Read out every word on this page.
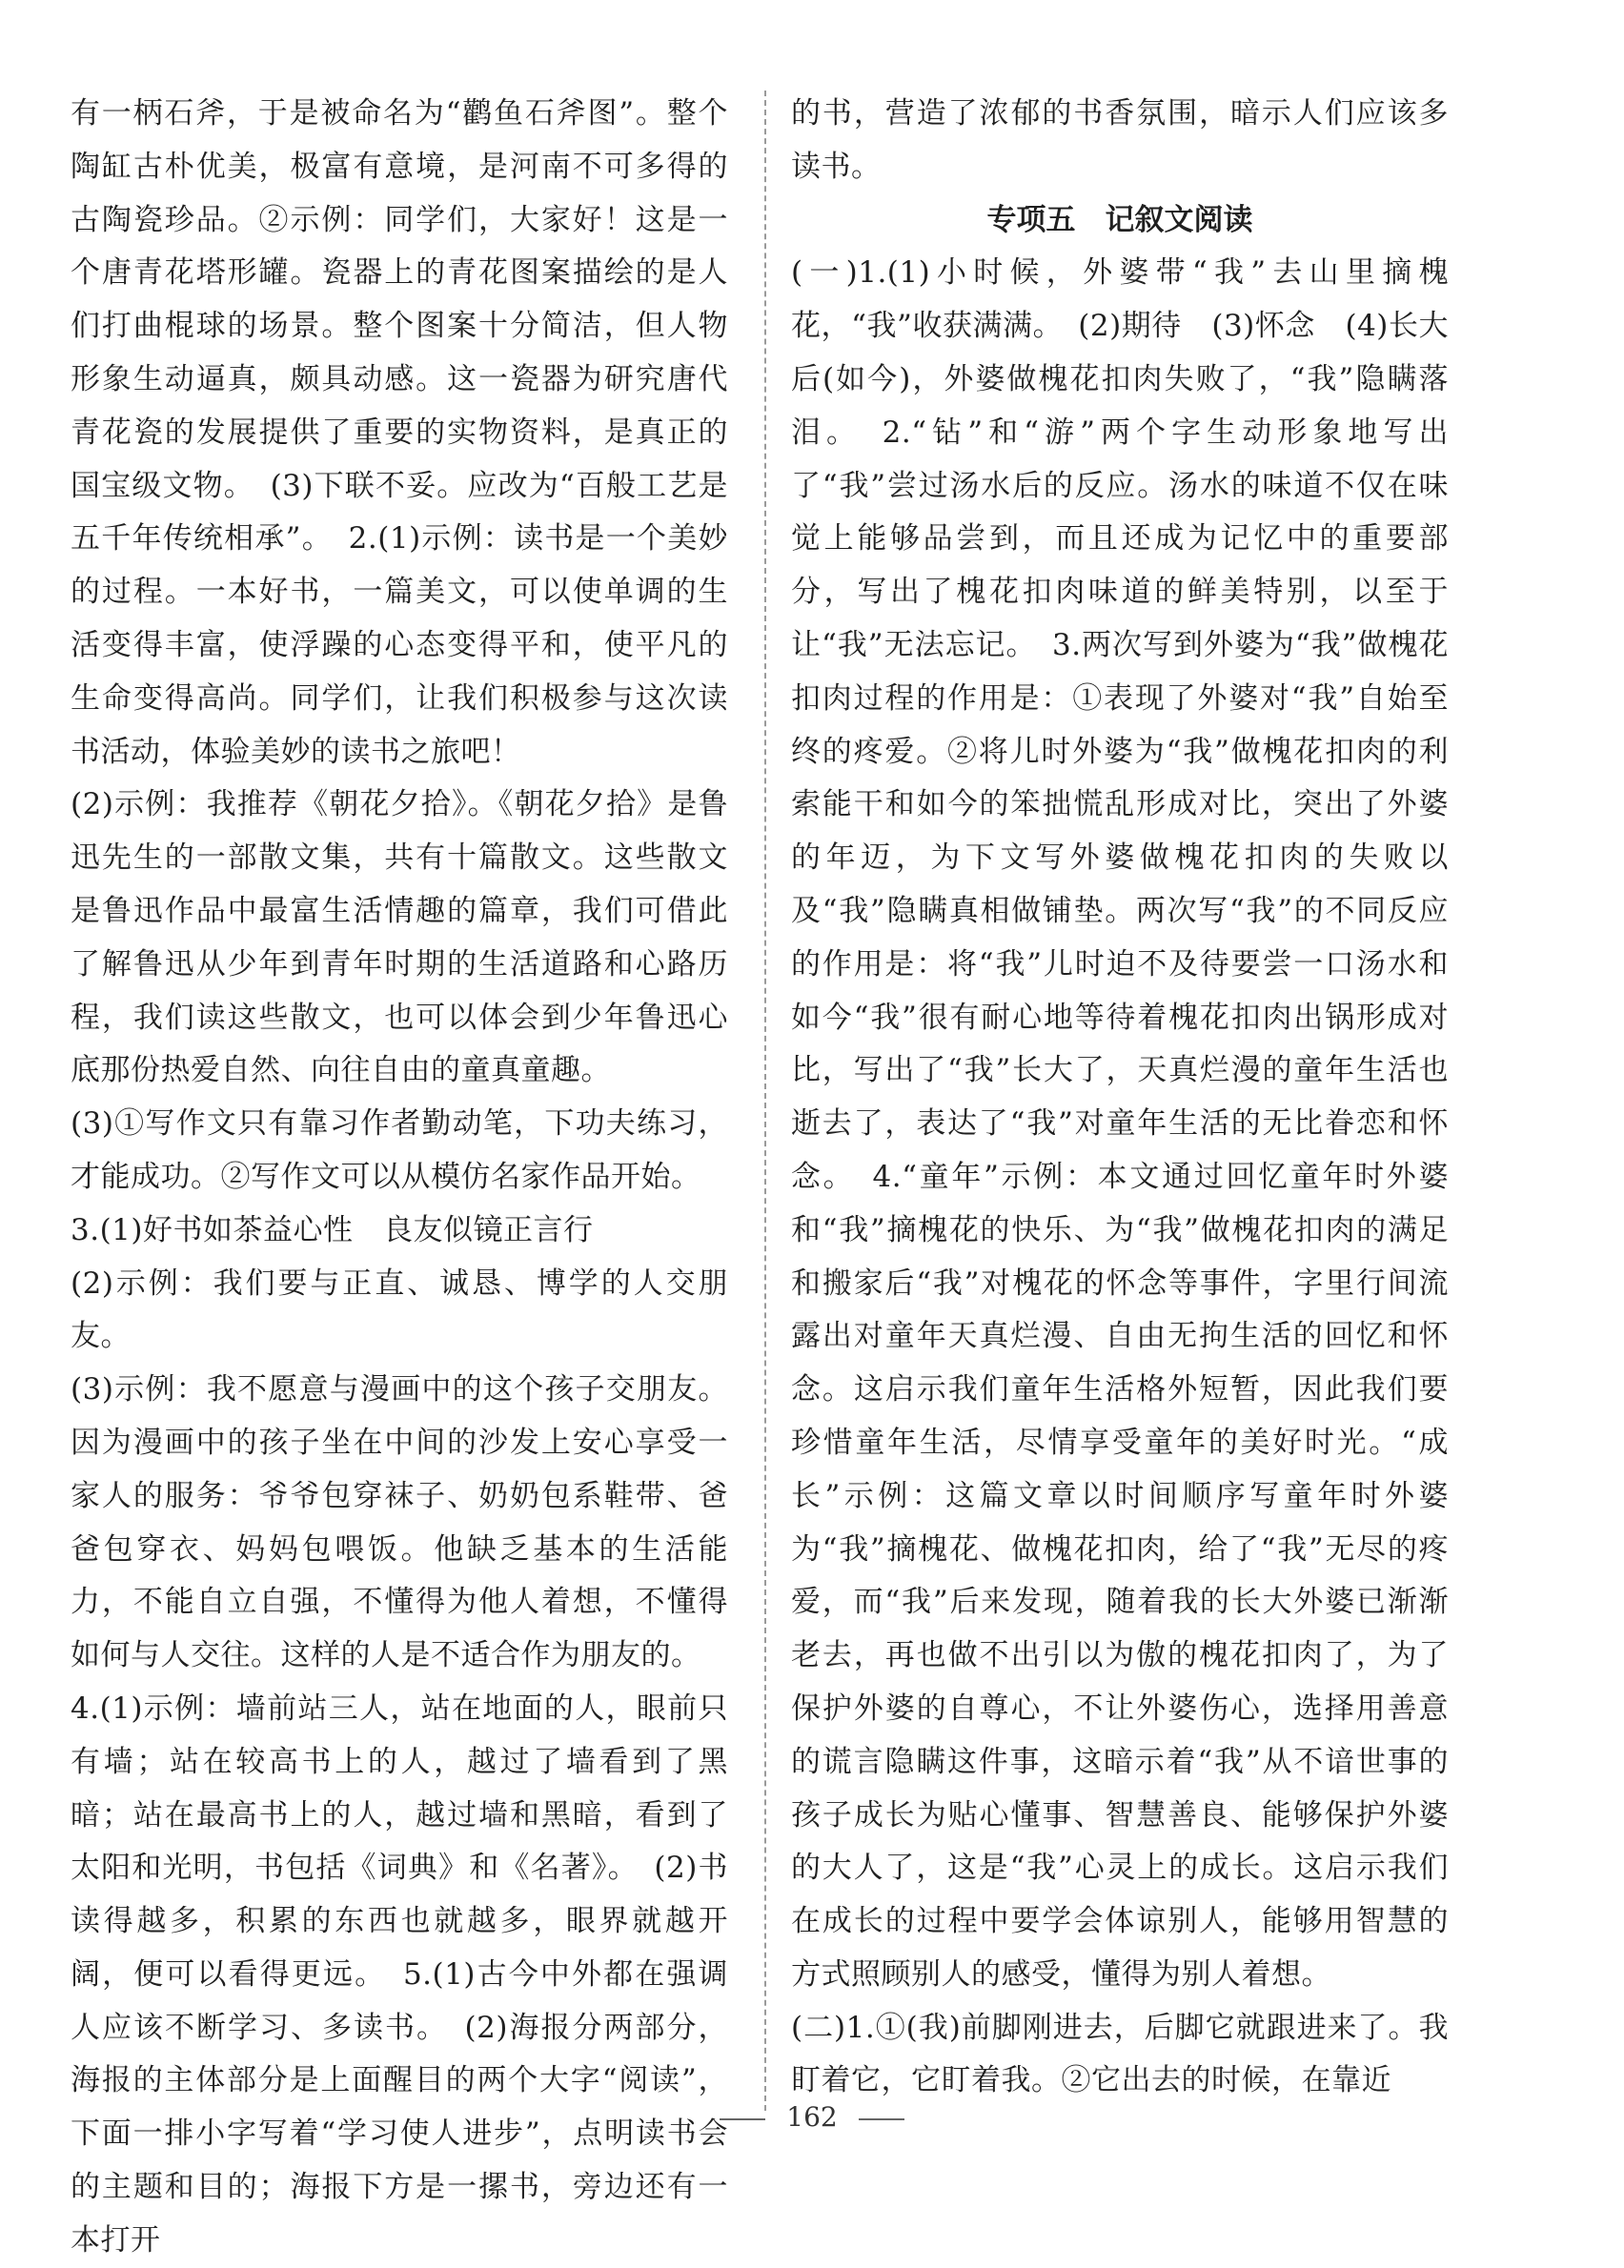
有一柄石斧，于是被命名为“鹳鱼石斧图”。整个陶缸古朴优美，极富有意境，是河南不可多得的古陶瓷珍品。②示例：同学们，大家好！这是一个唐青花塔形罐。瓷器上的青花图案描绘的是人们打曲棍球的场景。整个图案十分简洁，但人物形象生动逼真，颇具动感。这一瓷器为研究唐代青花瓷的发展提供了重要的实物资料，是真正的国宝级文物。　(3)下联不妥。应改为“百般工艺是五千年传统相承”。　2.(1)示例：读书是一个美妙的过程。一本好书，一篇美文，可以使单调的生活变得丰富，使浮躁的心态变得平和，使平凡的生命变得高尚。同学们，让我们积极参与这次读书活动，体验美妙的读书之旅吧！

(2)示例：我推荐《朝花夕拾》。《朝花夕拾》是鲁迅先生的一部散文集，共有十篇散文。这些散文是鲁迅作品中最富生活情趣的篇章，我们可借此了解鲁迅从少年到青年时期的生活道路和心路历程，我们读这些散文，也可以体会到少年鲁迅心底那份热爱自然、向往自由的童真童趣。

(3)①写作文只有靠习作者勤动笔，下功夫练习，才能成功。②写作文可以从模仿名家作品开始。

3.(1)好书如茶益心性　良友似镜正言行

(2)示例：我们要与正直、诚恳、博学的人交朋友。

(3)示例：我不愿意与漫画中的这个孩子交朋友。因为漫画中的孩子坐在中间的沙发上安心享受一家人的服务：爷爷包穿袜子、奶奶包系鞋带、爸爸包穿衣、妈妈包喂饭。他缺乏基本的生活能力，不能自立自强，不懂得为他人着想，不懂得如何与人交往。这样的人是不适合作为朋友的。

4.(1)示例：墙前站三人，站在地面的人，眼前只有墙；站在较高书上的人，越过了墙看到了黑暗；站在最高书上的人，越过墙和黑暗，看到了太阳和光明，书包括《词典》和《名著》。　(2)书读得越多，积累的东西也就越多，眼界就越开阔，便可以看得更远。　5.(1)古今中外都在强调人应该不断学习、多读书。　(2)海报分两部分，海报的主体部分是上面醒目的两个大字“阅读”，下面一排小字写着“学习使人进步”，点明读书会的主题和目的；海报下方是一摞书，旁边还有一本打开

的书，营造了浓郁的书香氛围，暗示人们应该多读书。

专项五　记叙文阅读

(一)1.(1)小时候，外婆带“我”去山里摘槐花，“我”收获满满。　(2)期待　(3)怀念　(4)长大后(如今)，外婆做槐花扣肉失败了，“我”隐瞒落泪。　2.“钻”和“游”两个字生动形象地写出了“我”尝过汤水后的反应。汤水的味道不仅在味觉上能够品尝到，而且还成为记忆中的重要部分，写出了槐花扣肉味道的鲜美特别，以至于让“我”无法忘记。　3.两次写到外婆为“我”做槐花扣肉过程的作用是：①表现了外婆对“我”自始至终的疼爱。②将儿时外婆为“我”做槐花扣肉的利索能干和如今的笨拙慌乱形成对比，突出了外婆的年迈，为下文写外婆做槐花扣肉的失败以及“我”隐瞒真相做铺垫。两次写“我”的不同反应的作用是：将“我”儿时迫不及待要尝一口汤水和如今“我”很有耐心地等待着槐花扣肉出锅形成对比，写出了“我”长大了，天真烂漫的童年生活也逝去了，表达了“我”对童年生活的无比眷恋和怀念。　4.“童年”示例：本文通过回忆童年时外婆和“我”摘槐花的快乐、为“我”做槐花扣肉的满足和搬家后“我”对槐花的怀念等事件，字里行间流露出对童年天真烂漫、自由无拘生活的回忆和怀念。这启示我们童年生活格外短暂，因此我们要珍惜童年生活，尽情享受童年的美好时光。“成长”示例：这篇文章以时间顺序写童年时外婆为“我”摘槐花、做槐花扣肉，给了“我”无尽的疼爱，而“我”后来发现，随着我的长大外婆已渐渐老去，再也做不出引以为傲的槐花扣肉了，为了保护外婆的自尊心，不让外婆伤心，选择用善意的谎言隐瞒这件事，这暗示着“我”从不谙世事的孩子成长为贴心懂事、智慧善良、能够保护外婆的大人了，这是“我”心灵上的成长。这启示我们在成长的过程中要学会体谅别人，能够用智慧的方式照顾别人的感受，懂得为别人着想。

(二)1.①(我)前脚刚进去，后脚它就跟进来了。我盯着它，它盯着我。②它出去的时候，在靠近

162
